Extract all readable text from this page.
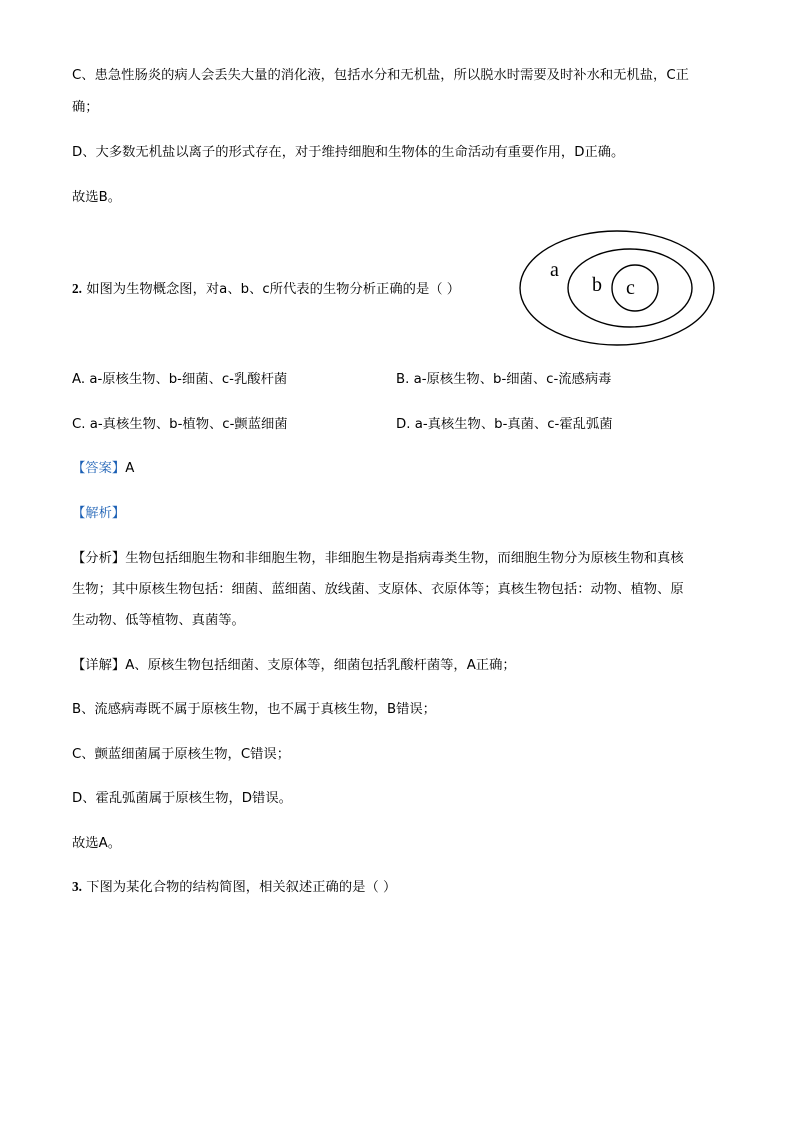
C、患急性肠炎的病人会丢失大量的消化液，包括水分和无机盐，所以脱水时需要及时补水和无机盐，C正
确；
D、大多数无机盐以离子的形式存在，对于维持细胞和生物体的生命活动有重要作用，D正确。
故选B。
2. 如图为生物概念图，对a、b、c所代表的生物分析正确的是（ ）
a
b c
A. a-原核生物、b-细菌、c-乳酸杆菌	B. a-原核生物、b-细菌、c-流感病毒
C. a-真核生物、b-植物、c-颤蓝细菌	D. a-真核生物、b-真菌、c-霍乱弧菌
【答案】A
【解析】
【分析】生物包括细胞生物和非细胞生物，非细胞生物是指病毒类生物，而细胞生物分为原核生物和真核
生物；其中原核生物包括：细菌、蓝细菌、放线菌、支原体、衣原体等；真核生物包括：动物、植物、原
生动物、低等植物、真菌等。
【详解】A、原核生物包括细菌、支原体等，细菌包括乳酸杆菌等，A正确；
B、流感病毒既不属于原核生物，也不属于真核生物，B错误；
C、颤蓝细菌属于原核生物，C错误；
D、霍乱弧菌属于原核生物，D错误。
故选A。
3. 下图为某化合物的结构简图，相关叙述正确的是（ ）
